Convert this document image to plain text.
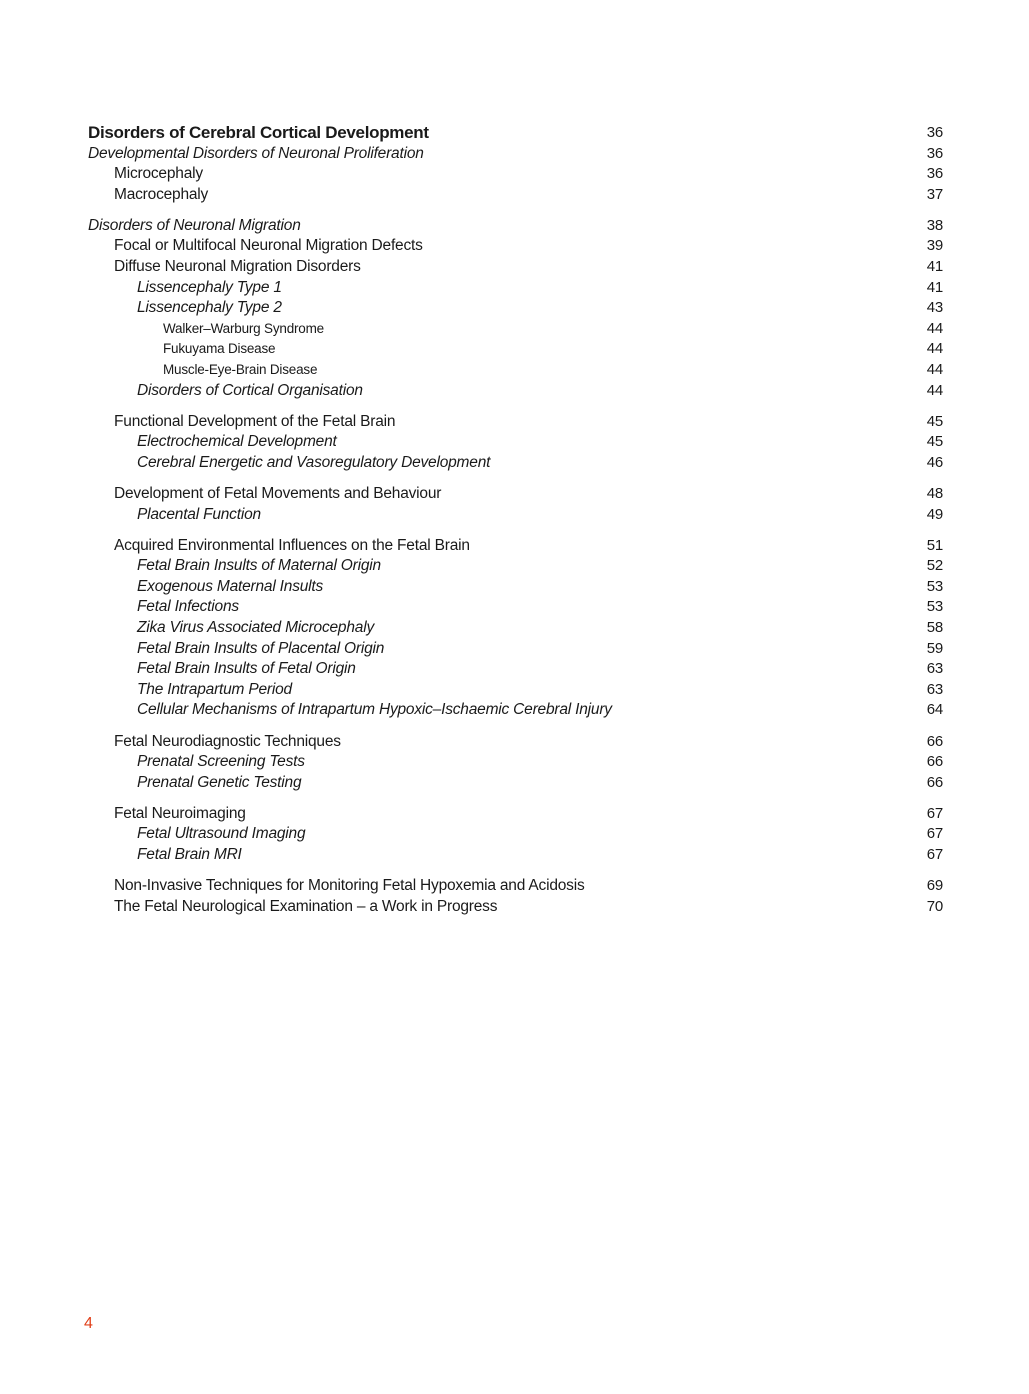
Disorders of Cerebral Cortical Development	36
Developmental Disorders of Neuronal Proliferation	36
Microcephaly	36
Macrocephaly	37
Disorders of Neuronal Migration	38
Focal or Multifocal Neuronal Migration Defects	39
Diffuse Neuronal Migration Disorders	41
Lissencephaly Type 1	41
Lissencephaly Type 2	43
Walker–Warburg Syndrome	44
Fukuyama Disease	44
Muscle-Eye-Brain Disease	44
Disorders of Cortical Organisation	44
Functional Development of the Fetal Brain	45
Electrochemical Development	45
Cerebral Energetic and Vasoregulatory Development	46
Development of Fetal Movements and Behaviour	48
Placental Function	49
Acquired Environmental Influences on the Fetal Brain	51
Fetal Brain Insults of Maternal Origin	52
Exogenous Maternal Insults	53
Fetal Infections	53
Zika Virus Associated Microcephaly	58
Fetal Brain Insults of Placental Origin	59
Fetal Brain Insults of Fetal Origin	63
The Intrapartum Period	63
Cellular Mechanisms of Intrapartum Hypoxic–Ischaemic Cerebral Injury	64
Fetal Neurodiagnostic Techniques	66
Prenatal Screening Tests	66
Prenatal Genetic Testing	66
Fetal Neuroimaging	67
Fetal Ultrasound Imaging	67
Fetal Brain MRI	67
Non-Invasive Techniques for Monitoring Fetal Hypoxemia and Acidosis	69
The Fetal Neurological Examination – a Work in Progress	70
4
